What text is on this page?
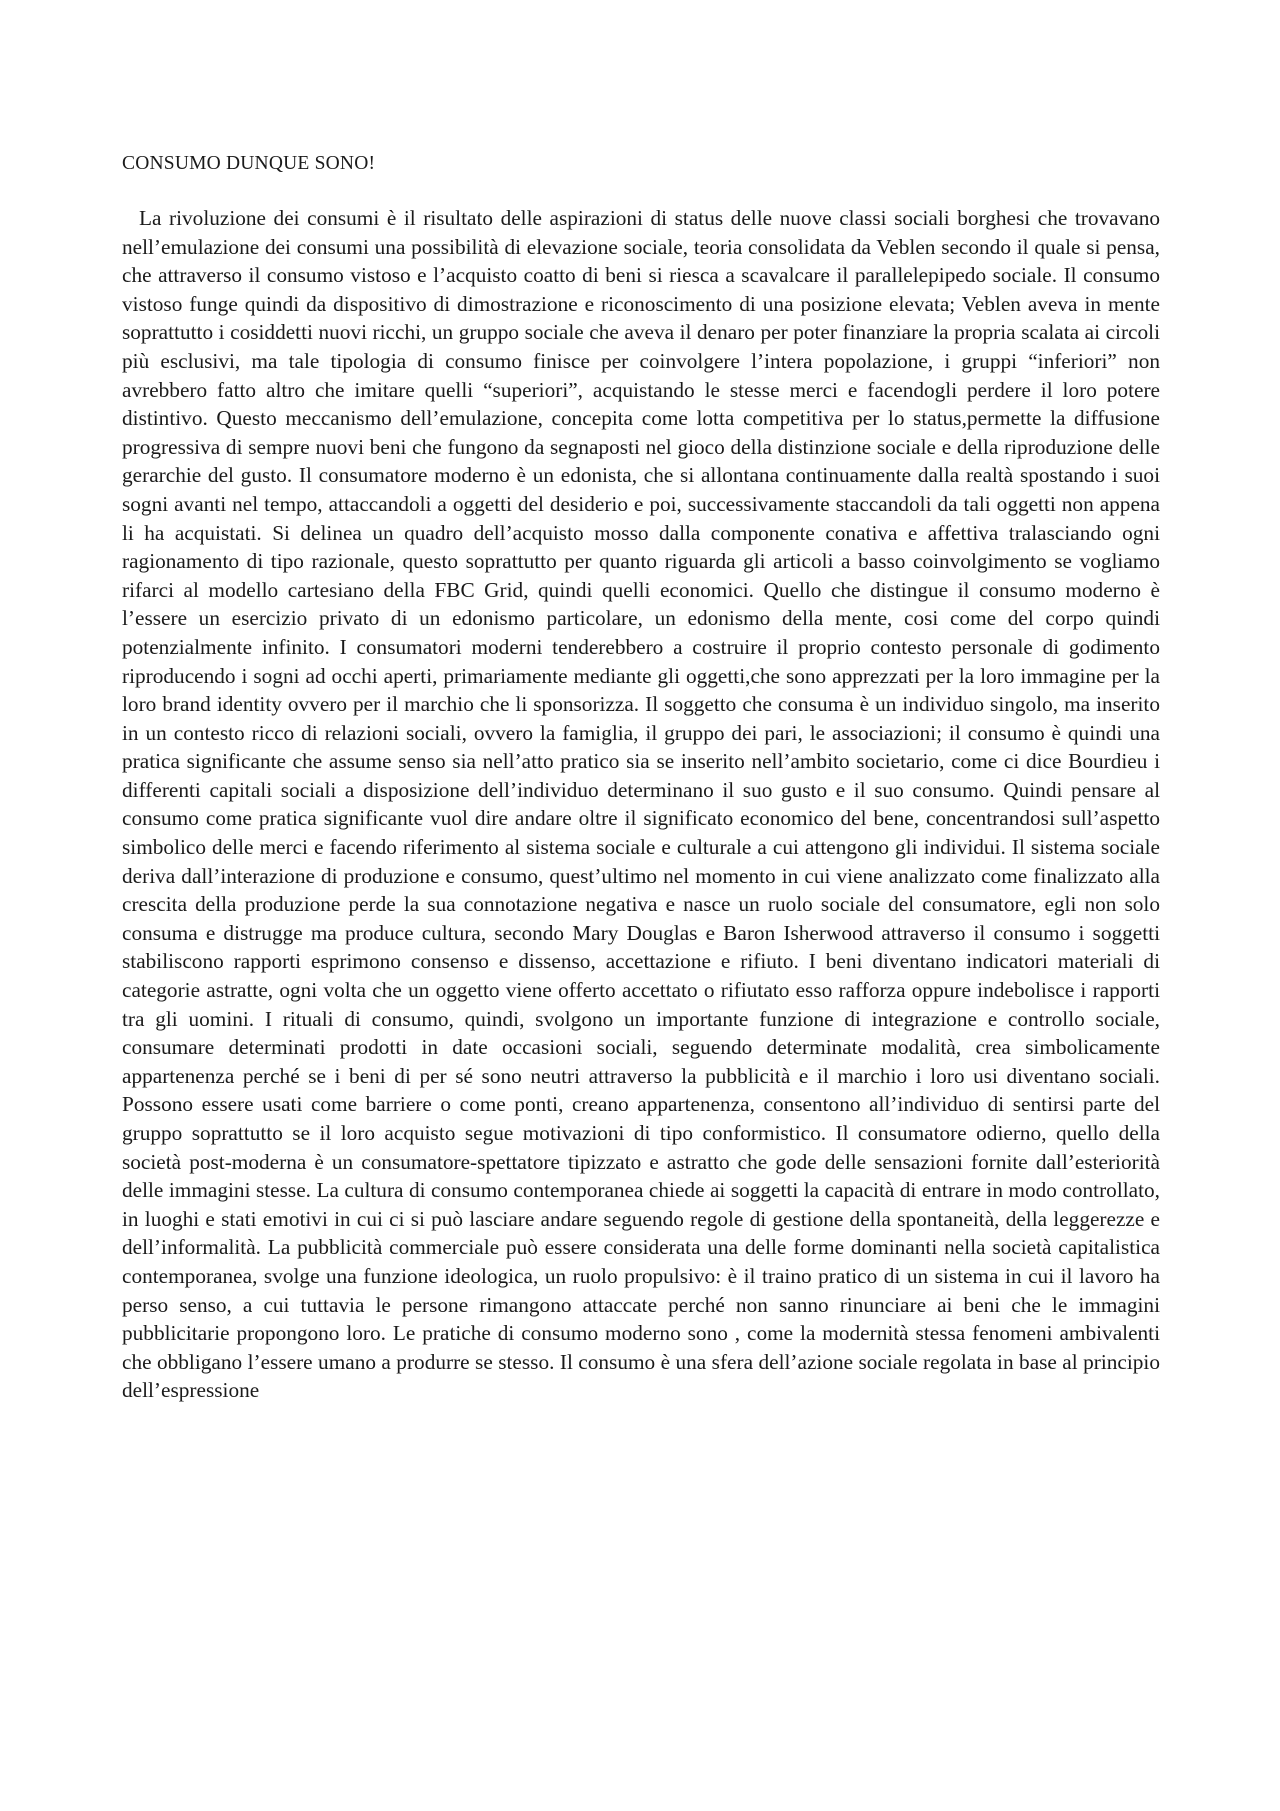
CONSUMO DUNQUE SONO!

La rivoluzione dei consumi è il risultato delle aspirazioni di status delle nuove classi sociali borghesi che trovavano nell’emulazione dei consumi una possibilità di elevazione sociale, teoria consolidata da Veblen secondo il quale si pensa, che attraverso il consumo vistoso e l’acquisto coatto di beni si riesca a scavalcare il parallelepipedo sociale. Il consumo vistoso funge quindi da dispositivo di dimostrazione e riconoscimento di una posizione elevata; Veblen aveva in mente soprattutto i cosiddetti nuovi ricchi, un gruppo sociale che aveva il denaro per poter finanziare la propria scalata ai circoli più esclusivi, ma tale tipologia di consumo finisce per coinvolgere l’intera popolazione, i gruppi “inferiori” non avrebbero fatto altro che imitare quelli “superiori”, acquistando le stesse merci e facendogli perdere il loro potere distintivo. Questo meccanismo dell’emulazione, concepita come lotta competitiva per lo status,permette la diffusione progressiva di sempre nuovi beni che fungono da segnaposti nel gioco della distinzione sociale e della riproduzione delle gerarchie del gusto. Il consumatore moderno è un edonista, che si allontana continuamente dalla realtà spostando i suoi sogni avanti nel tempo, attaccandoli a oggetti del desiderio e poi, successivamente staccandoli da tali oggetti non appena li ha acquistati. Si delinea un quadro dell’acquisto mosso dalla componente conativa e affettiva tralasciando ogni ragionamento di tipo razionale, questo soprattutto per quanto riguarda gli articoli a basso coinvolgimento se vogliamo rifarci al modello cartesiano della FBC Grid, quindi quelli economici. Quello che distingue il consumo moderno è l’essere un esercizio privato di un edonismo particolare, un edonismo della mente, cosi come del corpo quindi potenzialmente infinito. I consumatori moderni tenderebbero a costruire il proprio contesto personale di godimento riproducendo i sogni ad occhi aperti, primariamente mediante gli oggetti,che sono apprezzati per la loro immagine per la loro brand identity ovvero per il marchio che li sponsorizza. Il soggetto che consuma è un individuo singolo, ma inserito in un contesto ricco di relazioni sociali, ovvero la famiglia, il gruppo dei pari, le associazioni; il consumo è quindi una pratica significante che assume senso sia nell’atto pratico sia se inserito nell’ambito societario, come ci dice Bourdieu i differenti capitali sociali a disposizione dell’individuo determinano il suo gusto e il suo consumo. Quindi pensare al consumo come pratica significante vuol dire andare oltre il significato economico del bene, concentrandosi sull’aspetto simbolico delle merci e facendo riferimento al sistema sociale e culturale a cui attengono gli individui. Il sistema sociale deriva dall’interazione di produzione e consumo, quest’ultimo nel momento in cui viene analizzato come finalizzato alla crescita della produzione perde la sua connotazione negativa e nasce un ruolo sociale del consumatore, egli non solo consuma e distrugge ma produce cultura, secondo Mary Douglas e Baron Isherwood attraverso il consumo i soggetti stabiliscono rapporti esprimono consenso e dissenso, accettazione e rifiuto. I beni diventano indicatori materiali di categorie astratte, ogni volta che un oggetto viene offerto accettato o rifiutato esso rafforza oppure indebolisce i rapporti tra gli uomini. I rituali di consumo, quindi, svolgono un importante funzione di integrazione e controllo sociale, consumare determinati prodotti in date occasioni sociali, seguendo determinate modalità, crea simbolicamente appartenenza perché se i beni di per sé sono neutri attraverso la pubblicità e il marchio i loro usi diventano sociali. Possono essere usati come barriere o come ponti, creano appartenenza, consentono all’individuo di sentirsi parte del gruppo soprattutto se il loro acquisto segue motivazioni di tipo conformistico. Il consumatore odierno, quello della società post-moderna è un consumatore-spettatore tipizzato e astratto che gode delle sensazioni fornite dall’esteriorità delle immagini stesse. La cultura di consumo contemporanea chiede ai soggetti la capacità di entrare in modo controllato, in luoghi e stati emotivi in cui ci si può lasciare andare seguendo regole di gestione della spontaneità, della leggerezze e dell’informalità. La pubblicità commerciale può essere considerata una delle forme dominanti nella società capitalistica contemporanea, svolge una funzione ideologica, un ruolo propulsivo: è il traino pratico di un sistema in cui il lavoro ha perso senso, a cui tuttavia le persone rimangono attaccate perché non sanno rinunciare ai beni che le immagini pubblicitarie propongono loro. Le pratiche di consumo moderno sono , come la modernità stessa fenomeni ambivalenti che obbligano l’essere umano a produrre se stesso. Il consumo è una sfera dell’azione sociale regolata in base al principio dell’espressione
